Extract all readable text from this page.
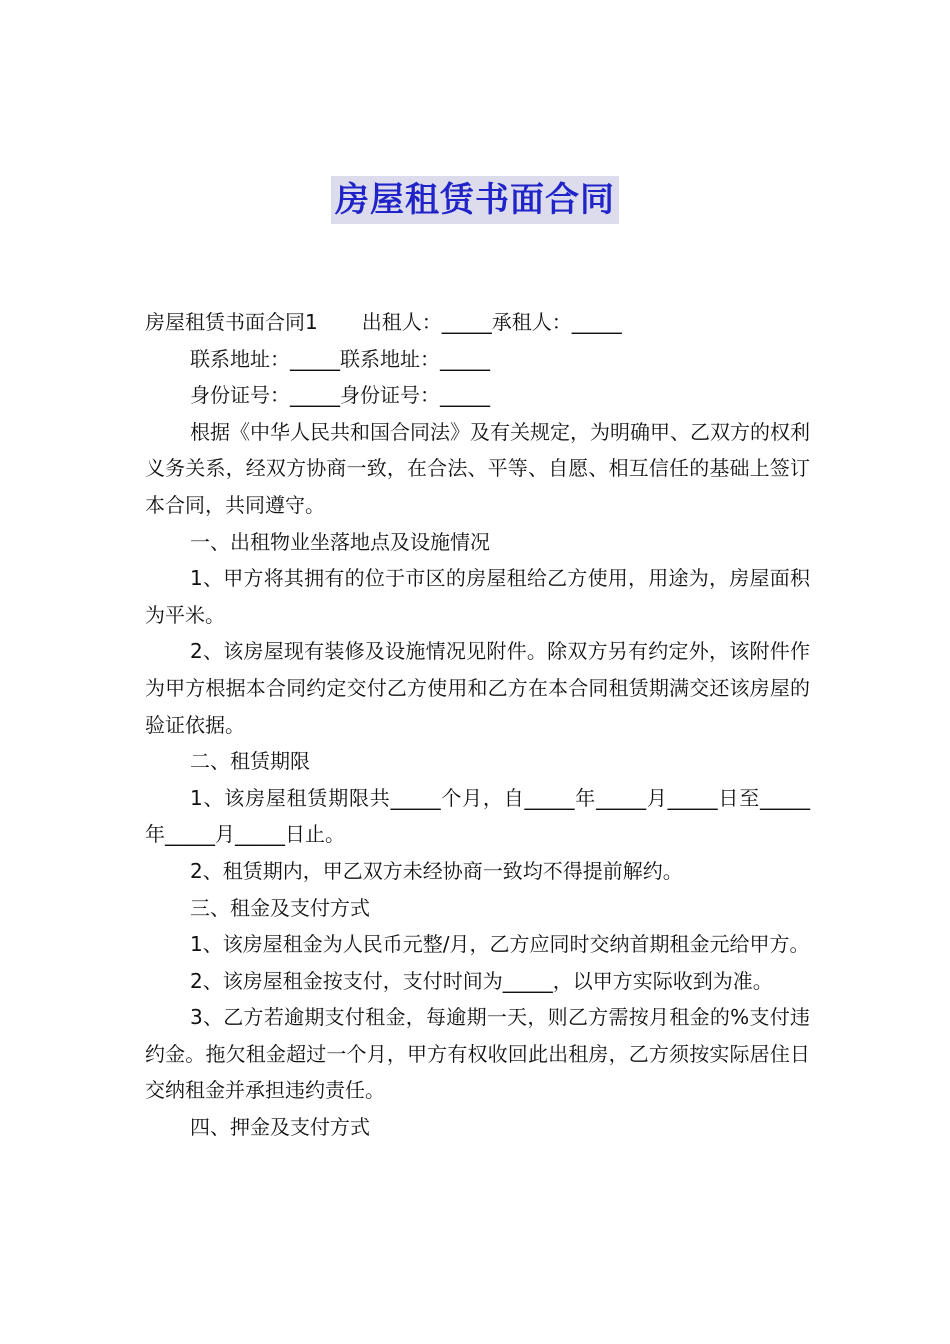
房屋租赁书面合同

房屋租赁书面合同1 出租人：_____承租人：_____

联系地址：_____联系地址：_____

身份证号：_____身份证号：_____

根据《中华人民共和国合同法》及有关规定，为明确甲、乙双方的权利义务关系，经双方协商一致，在合法、平等、自愿、相互信任的基础上签订本合同，共同遵守。

一、出租物业坐落地点及设施情况

1、甲方将其拥有的位于市区的房屋租给乙方使用，用途为，房屋面积为平米。

2、该房屋现有装修及设施情况见附件。除双方另有约定外，该附件作为甲方根据本合同约定交付乙方使用和乙方在本合同租赁期满交还该房屋的验证依据。

二、租赁期限

1、该房屋租赁期限共_____个月，自_____年_____月_____日至_____年_____月_____日止。

2、租赁期内，甲乙双方未经协商一致均不得提前解约。

三、租金及支付方式

1、该房屋租金为人民币元整/月，乙方应同时交纳首期租金元给甲方。

2、该房屋租金按支付，支付时间为_____，以甲方实际收到为准。

3、乙方若逾期支付租金，每逾期一天，则乙方需按月租金的%支付违约金。拖欠租金超过一个月，甲方有权收回此出租房，乙方须按实际居住日交纳租金并承担违约责任。

四、押金及支付方式
